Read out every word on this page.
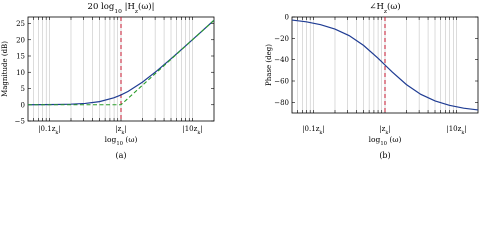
−5
0
5
10
15
20
25
$|0.1z_k|$	$|z_k|$	$|10z_k|$
20 $\log_{10} |H_z(\omega)|$
Magnitude (dB)
$\log_{10} (\omega)$
(a)
0
−20
−40
−60
−80
$|0.1z_k|$	$|z_k|$	$|10z_k|$
$\angle H_z(\omega)$
Phase (deg)
$\log_{10} (\omega)$
(b)
